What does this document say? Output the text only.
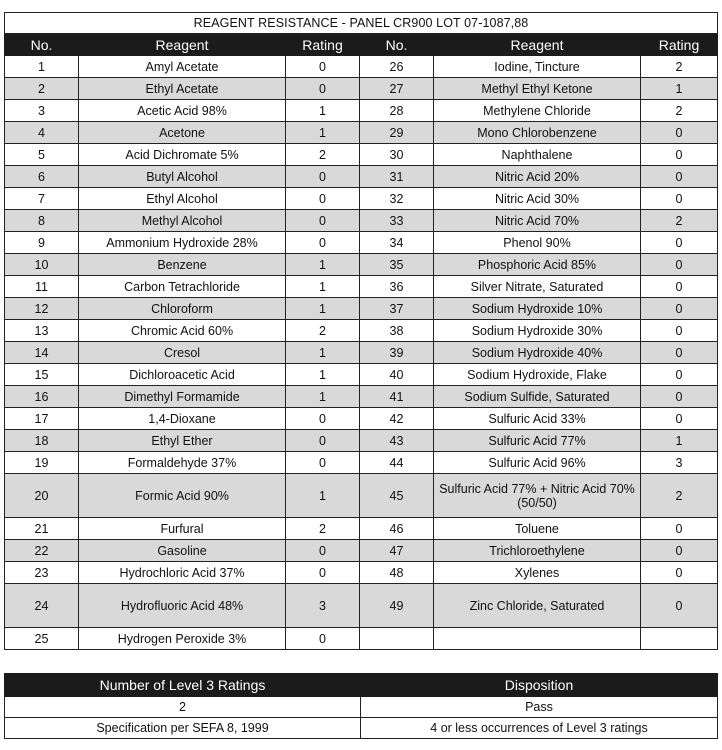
REAGENT RESISTANCE - PANEL CR900 LOT 07-1087,88					
No.	Reagent	Rating	No.	Reagent	Rating
1	Amyl Acetate	0	26	Iodine, Tincture	2
2	Ethyl Acetate	0	27	Methyl Ethyl Ketone	1
3	Acetic Acid 98%	1	28	Methylene Chloride	2
4	Acetone	1	29	Mono Chlorobenzene	0
5	Acid Dichromate 5%	2	30	Naphthalene	0
6	Butyl Alcohol	0	31	Nitric Acid 20%	0
7	Ethyl Alcohol	0	32	Nitric Acid 30%	0
8	Methyl Alcohol	0	33	Nitric Acid 70%	2
9	Ammonium Hydroxide 28%	0	34	Phenol 90%	0
10	Benzene	1	35	Phosphoric Acid 85%	0
11	Carbon Tetrachloride	1	36	Silver Nitrate, Saturated	0
12	Chloroform	1	37	Sodium Hydroxide 10%	0
13	Chromic Acid 60%	2	38	Sodium Hydroxide 30%	0
14	Cresol	1	39	Sodium Hydroxide 40%	0
15	Dichloroacetic Acid	1	40	Sodium Hydroxide, Flake	0
16	Dimethyl Formamide	1	41	Sodium Sulfide, Saturated	0
17	1,4-Dioxane	0	42	Sulfuric Acid 33%	0
18	Ethyl Ether	0	43	Sulfuric Acid 77%	1
19	Formaldehyde 37%	0	44	Sulfuric Acid 96%	3
20	Formic Acid 90%	1	45	Sulfuric Acid 77% + Nitric Acid 70% (50/50)	2
21	Furfural	2	46	Toluene	0
22	Gasoline	0	47	Trichloroethylene	0
23	Hydrochloric Acid 37%	0	48	Xylenes	0
24	Hydrofluoric Acid 48%	3	49	Zinc Chloride, Saturated	0
25	Hydrogen Peroxide 3%	0			
Number of Level 3 Ratings	Disposition
2	Pass
Specification per SEFA 8, 1999	4 or less occurrences of Level 3 ratings
